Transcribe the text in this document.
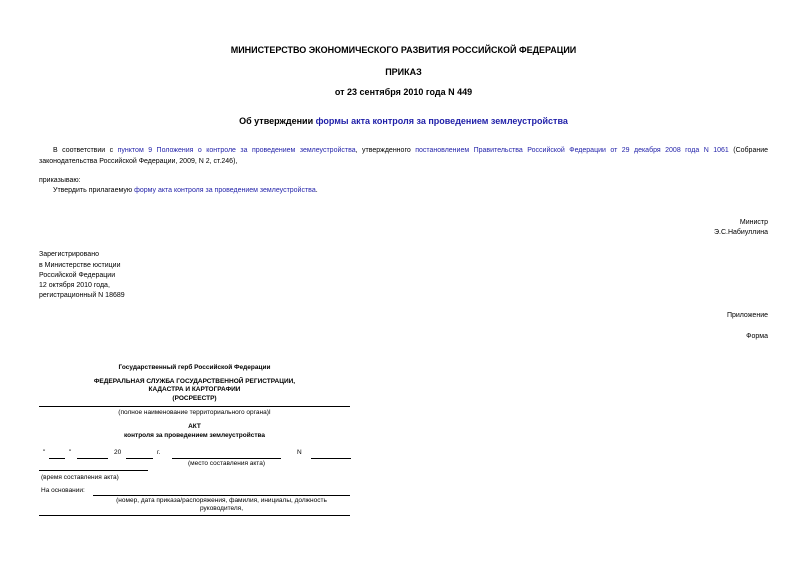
МИНИСТЕРСТВО ЭКОНОМИЧЕСКОГО РАЗВИТИЯ РОССИЙСКОЙ ФЕДЕРАЦИИ
ПРИКАЗ
от 23 сентября 2010 года N 449
Об утверждении формы акта контроля за проведением землеустройства
В соответствии с пунктом 9 Положения о контроле за проведением землеустройства, утвержденного постановлением Правительства Российской Федерации от 29 декабря 2008 года N 1061 (Собрание законодательства Российской Федерации, 2009, N 2, ст.246),
приказываю:
Утвердить прилагаемую форму акта контроля за проведением землеустройства.
Министр
Э.С.Набиуллина
Зарегистрировано
в Министерстве юстиции
Российской Федерации
12 октября 2010 года,
регистрационный N 18689
Приложение
Форма
Государственный герб Российской Федерации
ФЕДЕРАЛЬНАЯ СЛУЖБА ГОСУДАРСТВЕННОЙ РЕГИСТРАЦИИ,
КАДАСТРА И КАРТОГРАФИИ
(РОСРЕЕСТР)
(полное наименование территориального органа)I
АКТ
контроля за проведением землеустройства
"	"	20	г.	N
(место составления акта)
(время составления акта)
На основании:
(номер, дата приказа/распоряжения, фамилия, инициалы, должность
руководителя,
